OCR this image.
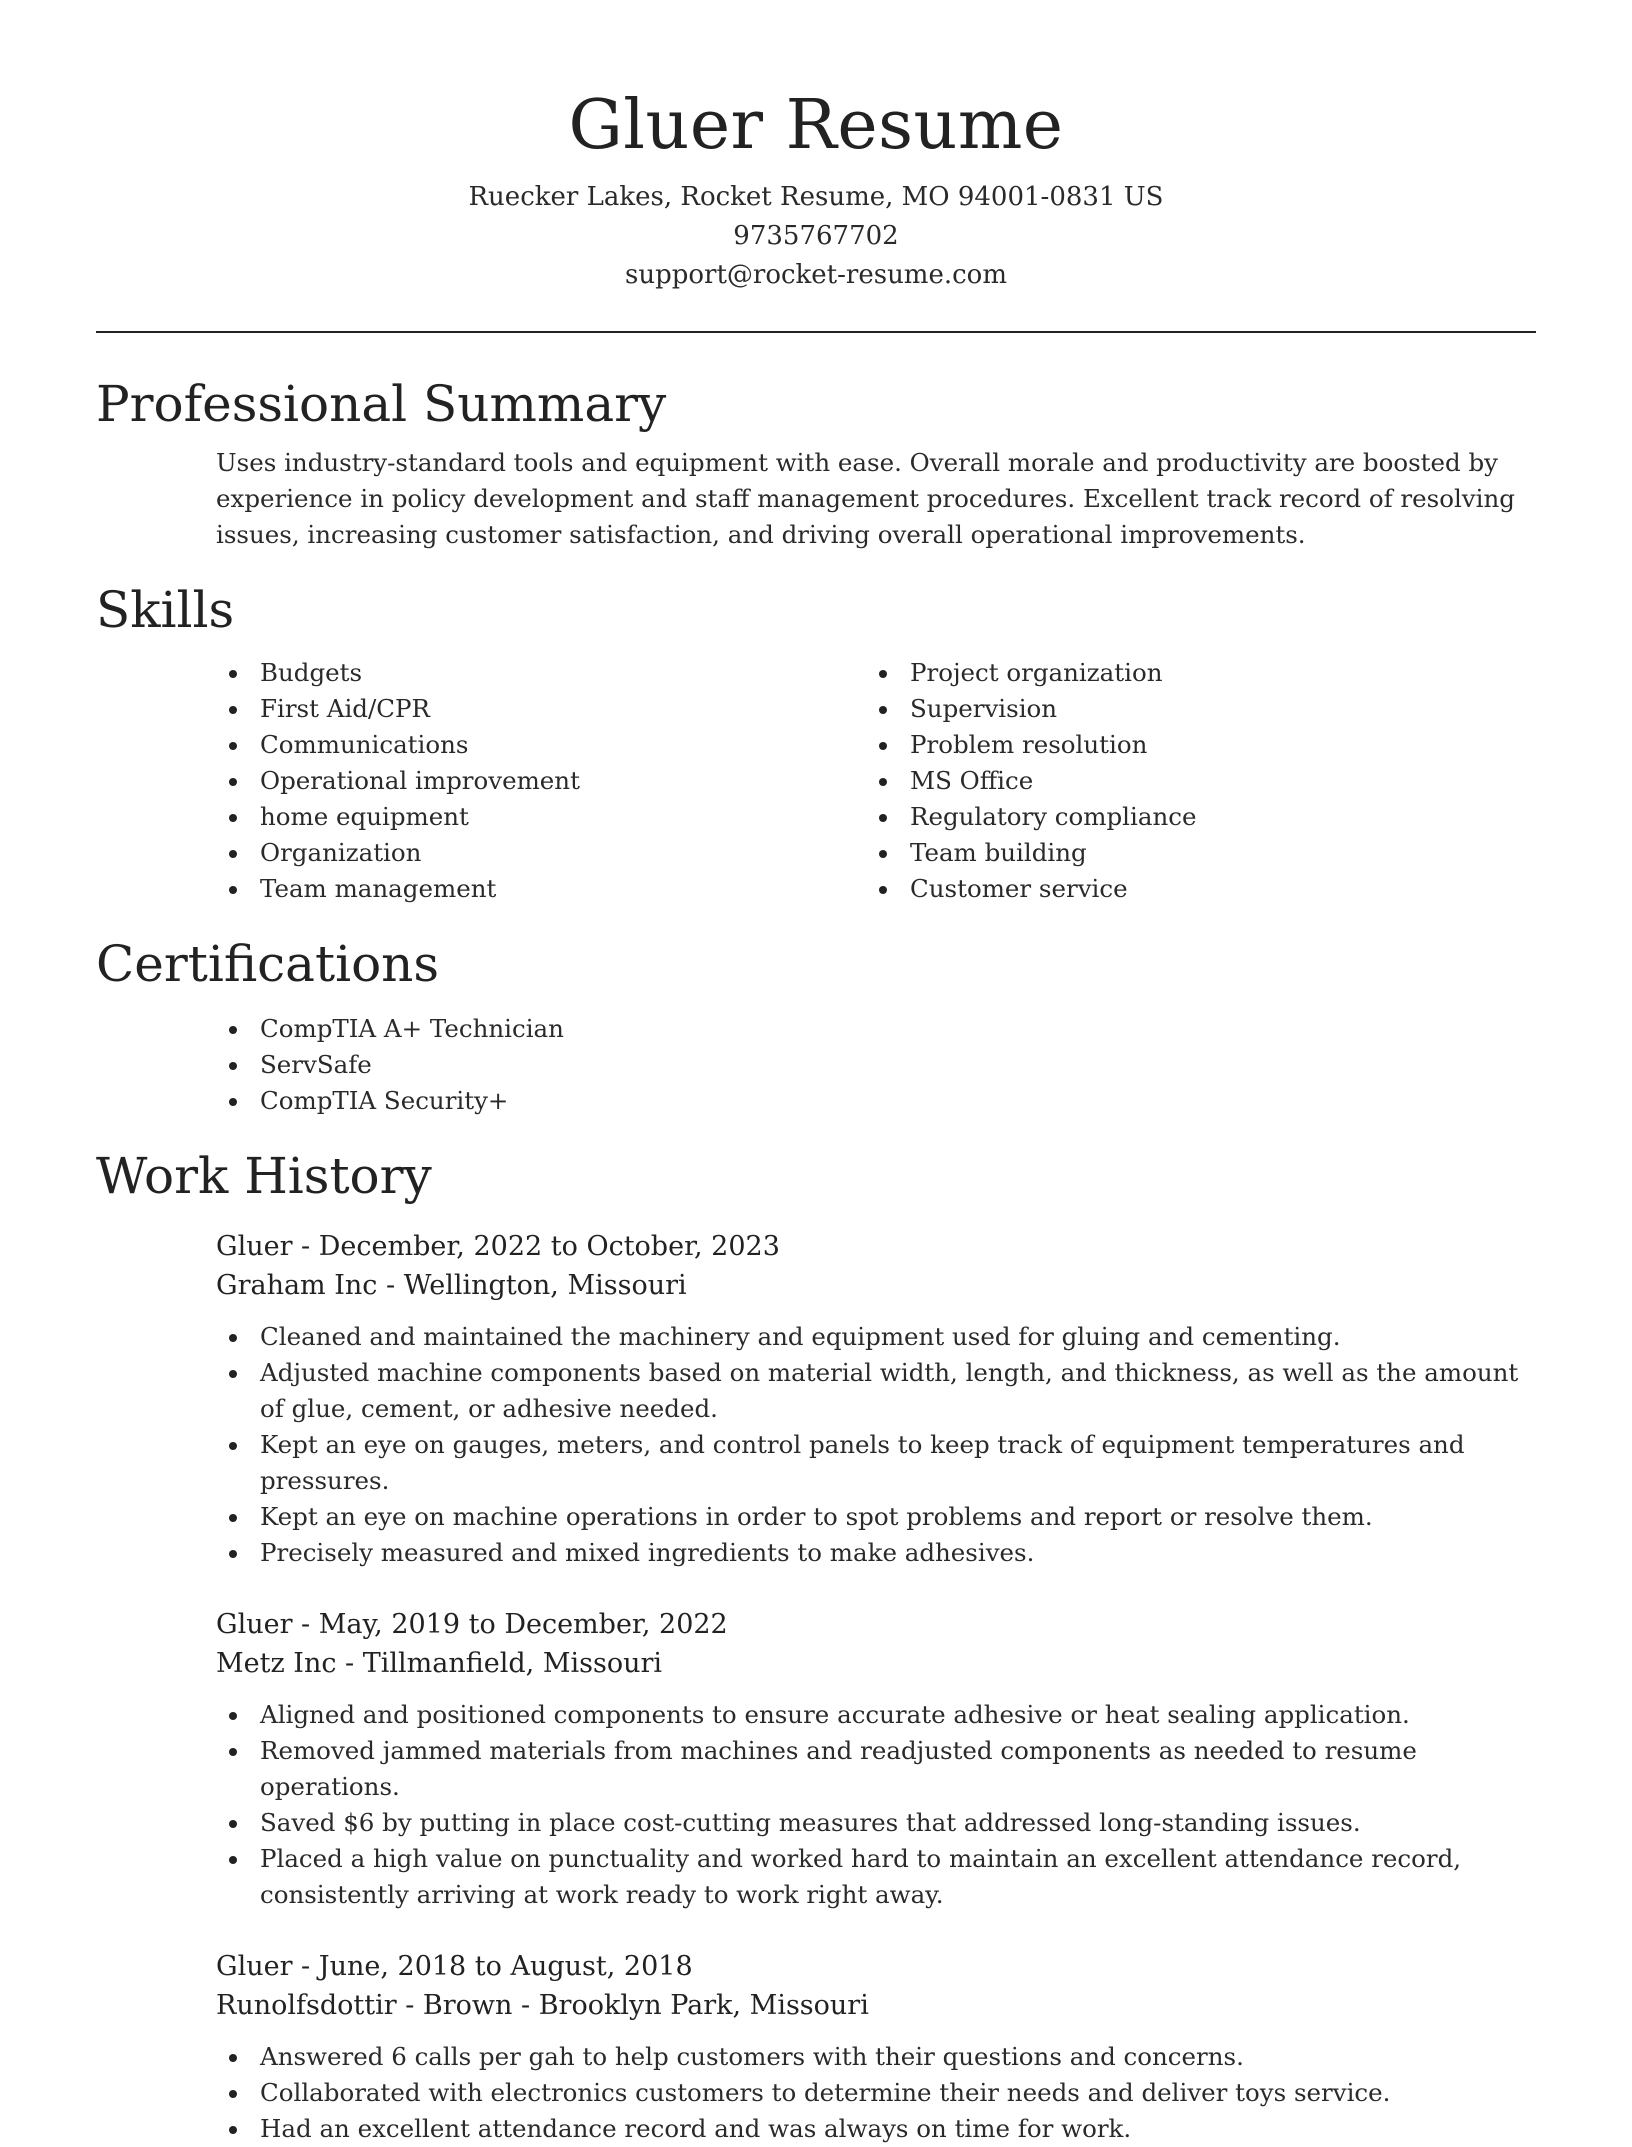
Gluer Resume
Ruecker Lakes, Rocket Resume, MO 94001-0831 US
9735767702
support@rocket-resume.com
Professional Summary

Uses industry-standard tools and equipment with ease. Overall morale and productivity are boosted by experience in policy development and staff management procedures. Excellent track record of resolving issues, increasing customer satisfaction, and driving overall operational improvements.

Skills
Budgets
First Aid/CPR
Communications
Operational improvement
home equipment
Organization
Team management
Project organization
Supervision
Problem resolution
MS Office
Regulatory compliance
Team building
Customer service
Certifications
CompTIA A+ Technician
ServSafe
CompTIA Security+
Work History
Gluer - December, 2022 to October, 2023
Graham Inc - Wellington, Missouri
Cleaned and maintained the machinery and equipment used for gluing and cementing.
Adjusted machine components based on material width, length, and thickness, as well as the amount of glue, cement, or adhesive needed.
Kept an eye on gauges, meters, and control panels to keep track of equipment temperatures and pressures.
Kept an eye on machine operations in order to spot problems and report or resolve them.
Precisely measured and mixed ingredients to make adhesives.
Gluer - May, 2019 to December, 2022
Metz Inc - Tillmanfield, Missouri
Aligned and positioned components to ensure accurate adhesive or heat sealing application.
Removed jammed materials from machines and readjusted components as needed to resume operations.
Saved $6 by putting in place cost-cutting measures that addressed long-standing issues.
Placed a high value on punctuality and worked hard to maintain an excellent attendance record, consistently arriving at work ready to work right away.
Gluer - June, 2018 to August, 2018
Runolfsdottir - Brown - Brooklyn Park, Missouri
Answered 6 calls per gah to help customers with their questions and concerns.
Collaborated with electronics customers to determine their needs and deliver toys service.
Had an excellent attendance record and was always on time for work.
